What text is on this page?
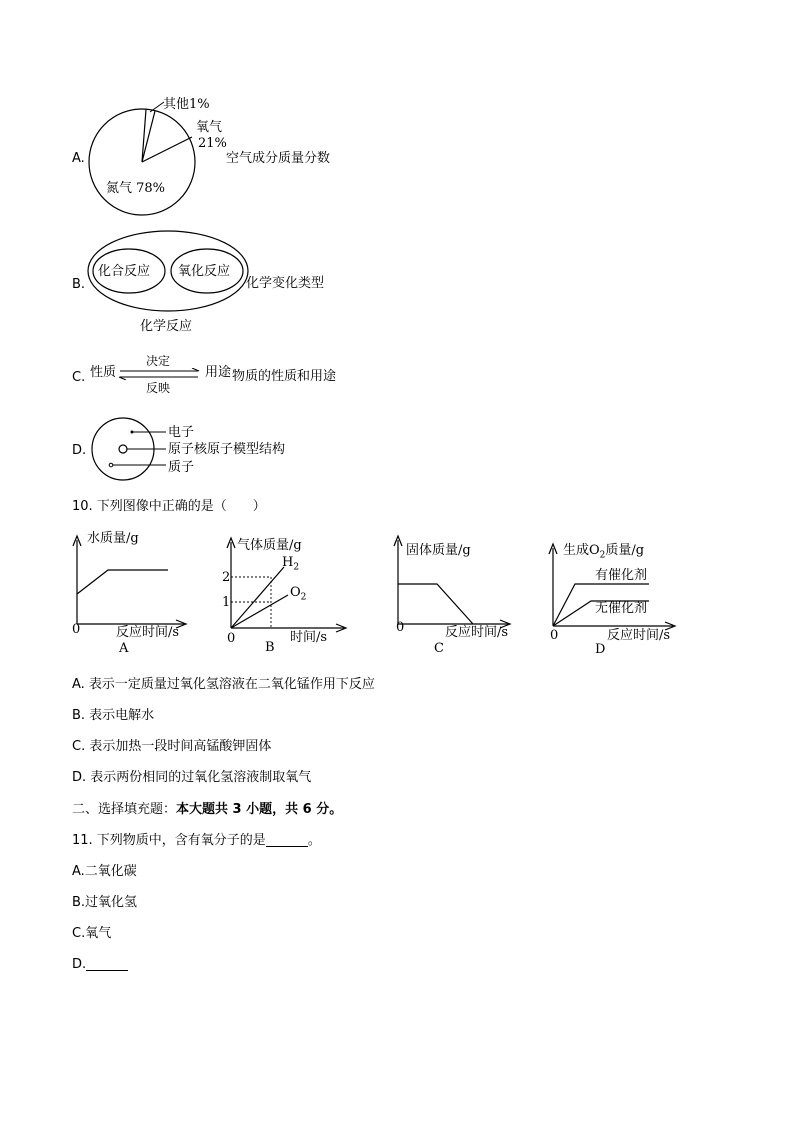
A.
其他1%
氧气
21%
氮气 78%
空气成分质量分数
B.
化合反应 氧化反应
化学变化类型
化学反应
C. 性质
决定
反映
用途 物质的性质和用途
D.
电子
原子核 原子模型结构
质子
10. 下列图像中正确的是（　　）
水质量/g
0	反应时间/s
A
气体质量/g
$H_2$
2
$O_2$
1
0	时间/s
B
固体质量/g
0	反应时间/s
C
生成$O_2$质量/g
有催化剂
无催化剂
0	反应时间/s
D
A. 表示一定质量过氧化氢溶液在二氧化锰作用下反应
B. 表示电解水
C. 表示加热一段时间高锰酸钾固体
D. 表示两份相同的过氧化氢溶液制取氧气
二、选择填充题：本大题共 3 小题，共 6 分。
11. 下列物质中，含有氧分子的是	。
A.二氧化碳
B.过氧化氢
C.氧气
D.
